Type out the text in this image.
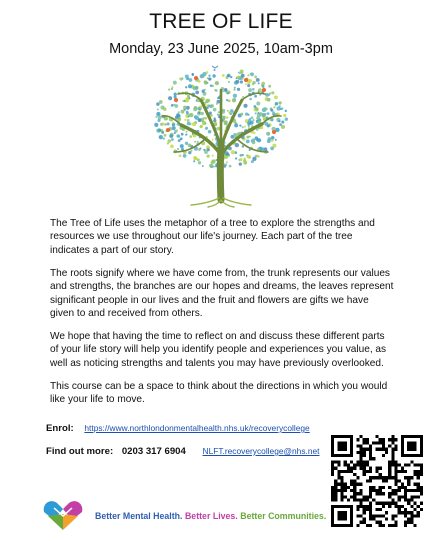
TREE OF LIFE
Monday, 23 June 2025, 10am-3pm

The Tree of Life uses the metaphor of a tree to explore the strengths and resources we use throughout our life's journey. Each part of the tree indicates a part of our story.

The roots signify where we have come from, the trunk represents our values and strengths, the branches are our hopes and dreams, the leaves represent significant people in our lives and the fruit and flowers are gifts we have given to and received from others.

We hope that having the time to reflect on and discuss these different parts of your life story will help you identify people and experiences you value, as well as noticing strengths and talents you may have previously overlooked.

This course can be a space to think about the directions in which you would like your life to move.

Enrol: https://www.northlondonmentalhealth.nhs.uk/recoverycollege
Find out more: 0203 317 6904 NLFT.recoverycollege@nhs.net
Better Mental Health. Better Lives. Better Communities.
